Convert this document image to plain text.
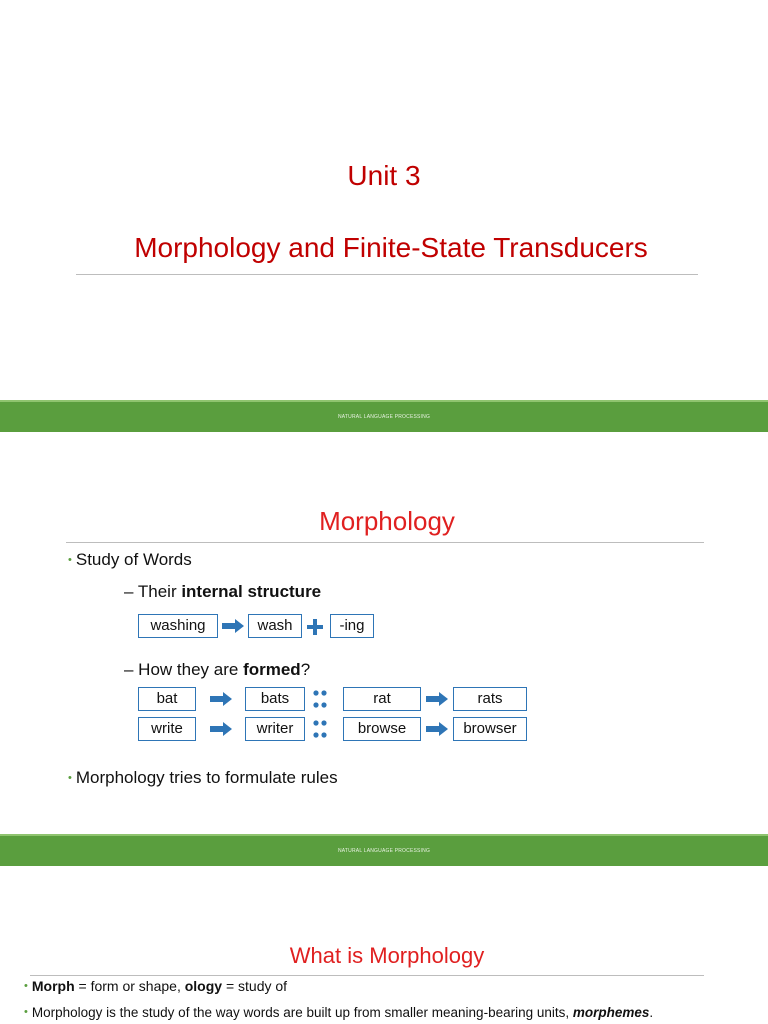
Unit 3
Morphology and Finite-State Transducers
NATURAL LANGUAGE PROCESSING
Morphology
• Study of Words
– Their internal structure
washing	wash	-ing
– How they are formed?
bat	bats	rat	rats
write	writer	browse	browser
• Morphology tries to formulate rules
NATURAL LANGUAGE PROCESSING
What is Morphology
• Morph = form or shape, ology = study of
• Morphology is the study of the way words are built up from smaller meaning-bearing units, morphemes.
